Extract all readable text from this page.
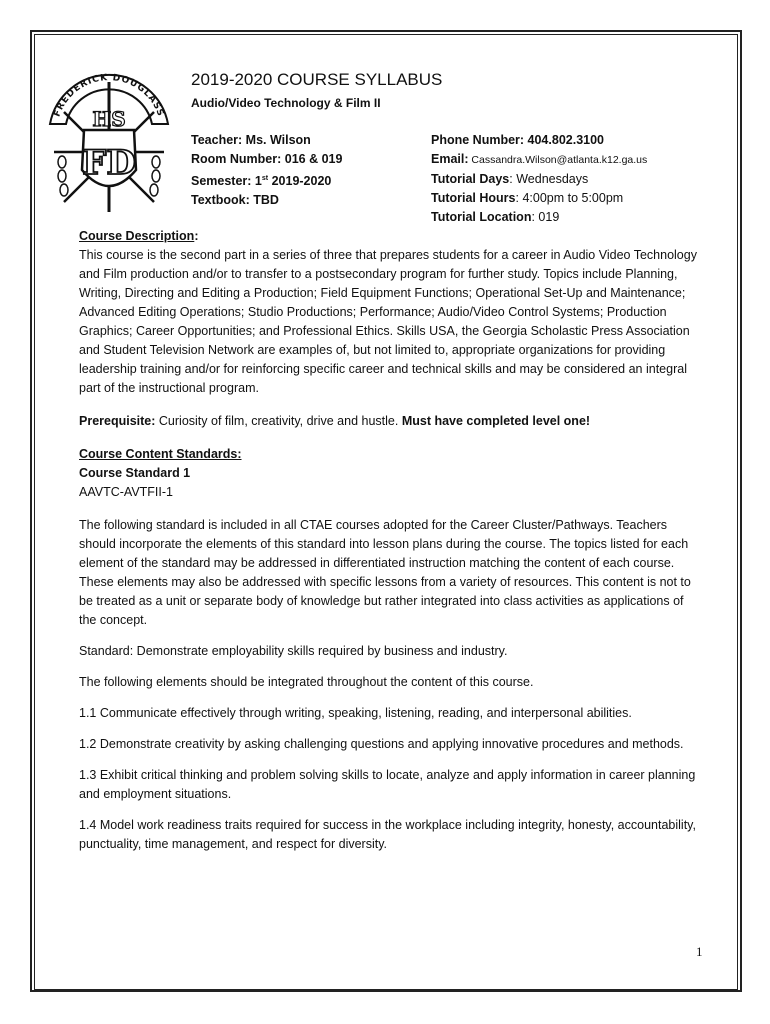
FREDERICK DOUGLASS
HS
FD
2019-2020 COURSE SYLLABUS
Audio/Video Technology & Film II
Teacher: Ms. Wilson
Room Number: 016 & 019
Semester: 1st 2019-2020
Textbook: TBD
Phone Number: 404.802.3100
Email: Cassandra.Wilson@atlanta.k12.ga.us
Tutorial Days: Wednesdays
Tutorial Hours: 4:00pm to 5:00pm
Tutorial Location: 019

Course Description:

This course is the second part in a series of three that prepares students for a career in Audio Video Technology and Film production and/or to transfer to a postsecondary program for further study. Topics include Planning, Writing, Directing and Editing a Production; Field Equipment Functions; Operational Set-Up and Maintenance; Advanced Editing Operations; Studio Productions; Performance; Audio/Video Control Systems; Production Graphics; Career Opportunities; and Professional Ethics. Skills USA, the Georgia Scholastic Press Association and Student Television Network are examples of, but not limited to, appropriate organizations for providing leadership training and/or for reinforcing specific career and technical skills and may be considered an integral part of the instructional program.

Prerequisite: Curiosity of film, creativity, drive and hustle. Must have completed level one!

Course Content Standards:

Course Standard 1

AAVTC-AVTFII-1

The following standard is included in all CTAE courses adopted for the Career Cluster/Pathways. Teachers should incorporate the elements of this standard into lesson plans during the course. The topics listed for each element of the standard may be addressed in differentiated instruction matching the content of each course. These elements may also be addressed with specific lessons from a variety of resources. This content is not to be treated as a unit or separate body of knowledge but rather integrated into class activities as applications of the concept.

Standard: Demonstrate employability skills required by business and industry.

The following elements should be integrated throughout the content of this course.

1.1 Communicate effectively through writing, speaking, listening, reading, and interpersonal abilities.

1.2 Demonstrate creativity by asking challenging questions and applying innovative procedures and methods.

1.3 Exhibit critical thinking and problem solving skills to locate, analyze and apply information in career planning and employment situations.

1.4 Model work readiness traits required for success in the workplace including integrity, honesty, accountability, punctuality, time management, and respect for diversity.

1
